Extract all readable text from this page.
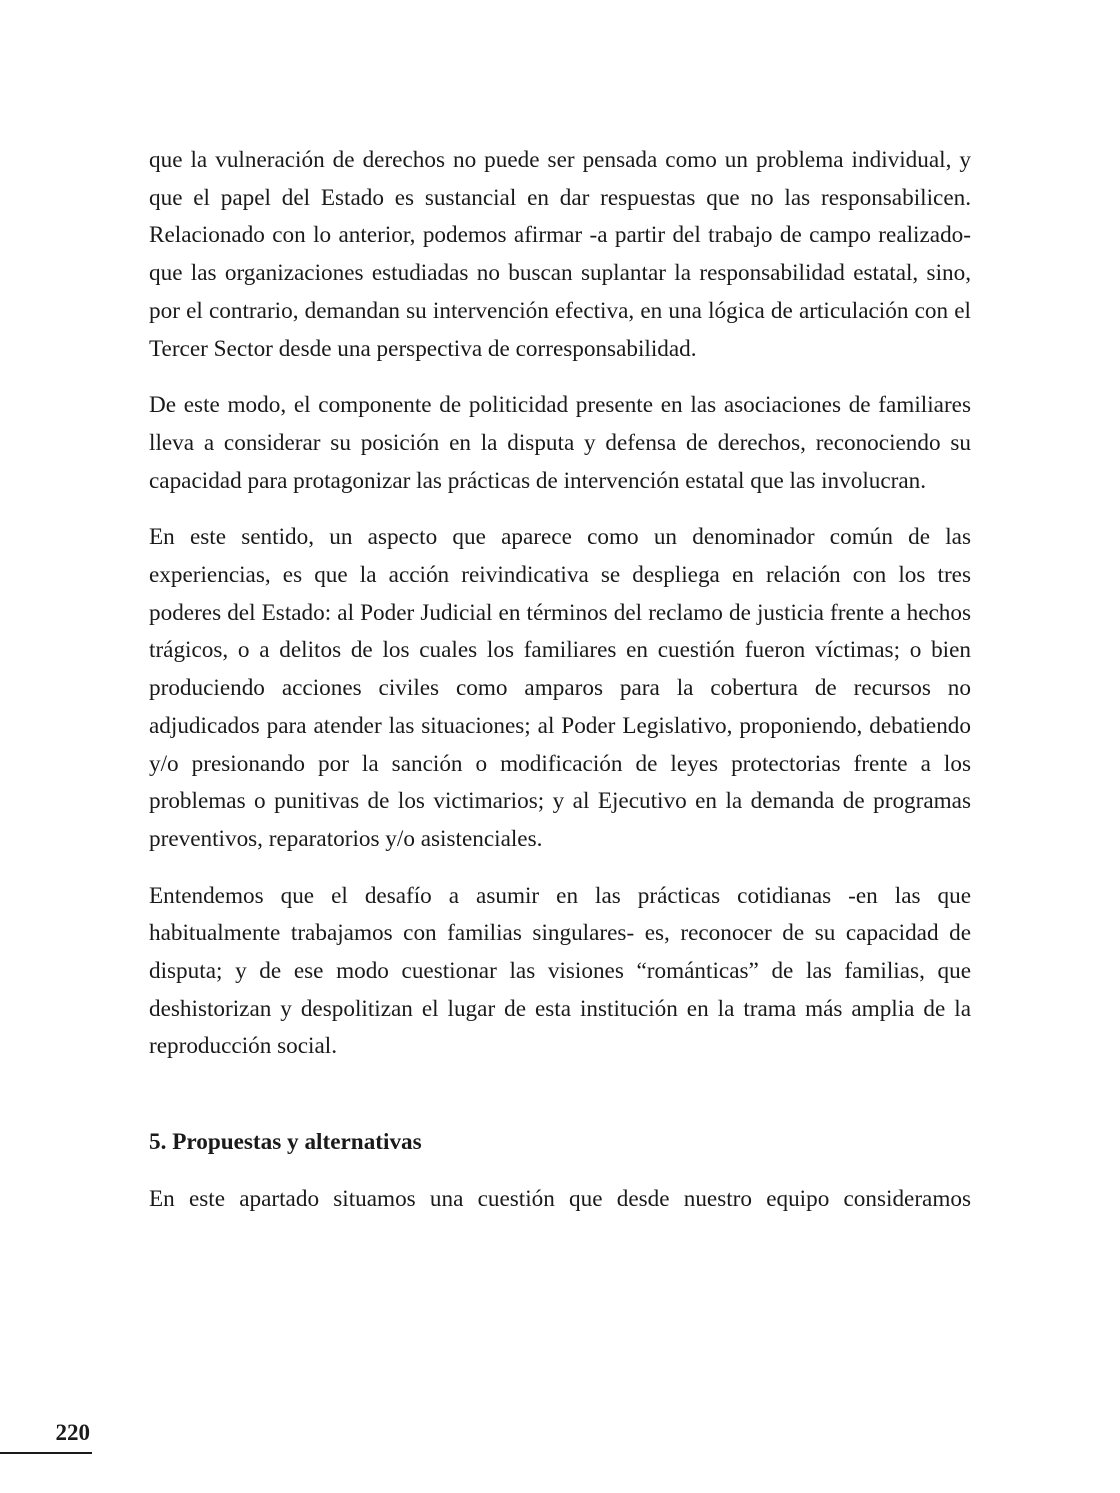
que la vulneración de derechos no puede ser pensada como un problema individual, y que el papel del Estado es sustancial en dar respuestas que no las responsabilicen. Relacionado con lo anterior, podemos afirmar -a partir del trabajo de campo realizado- que las organizaciones estudiadas no buscan suplantar la responsabilidad estatal, sino, por el contrario, demandan su intervención efectiva, en una lógica de articulación con el Tercer Sector desde una perspectiva de corresponsabilidad.

De este modo, el componente de politicidad presente en las asociaciones de familiares lleva a considerar su posición en la disputa y defensa de derechos, reconociendo su capacidad para protagonizar las prácticas de intervención estatal que las involucran.

En este sentido, un aspecto que aparece como un denominador común de las experiencias, es que la acción reivindicativa se despliega en relación con los tres poderes del Estado: al Poder Judicial en términos del reclamo de justicia frente a hechos trágicos, o a delitos de los cuales los familiares en cuestión fueron víctimas; o bien produciendo acciones civiles como amparos para la cobertura de recursos no adjudicados para atender las situaciones; al Poder Legislativo, proponiendo, debatiendo y/o presionando por la sanción o modificación de leyes protectorias frente a los problemas o punitivas de los victimarios; y al Ejecutivo en la demanda de programas preventivos, reparatorios y/o asistenciales.

Entendemos que el desafío a asumir en las prácticas cotidianas -en las que habitualmente trabajamos con familias singulares- es, reconocer de su capacidad de disputa; y de ese modo cuestionar las visiones “románticas” de las familias, que deshistorizan y despolitizan el lugar de esta institución en la trama más amplia de la reproducción social.

5. Propuestas y alternativas

En este apartado situamos una cuestión que desde nuestro equipo consideramos

220
